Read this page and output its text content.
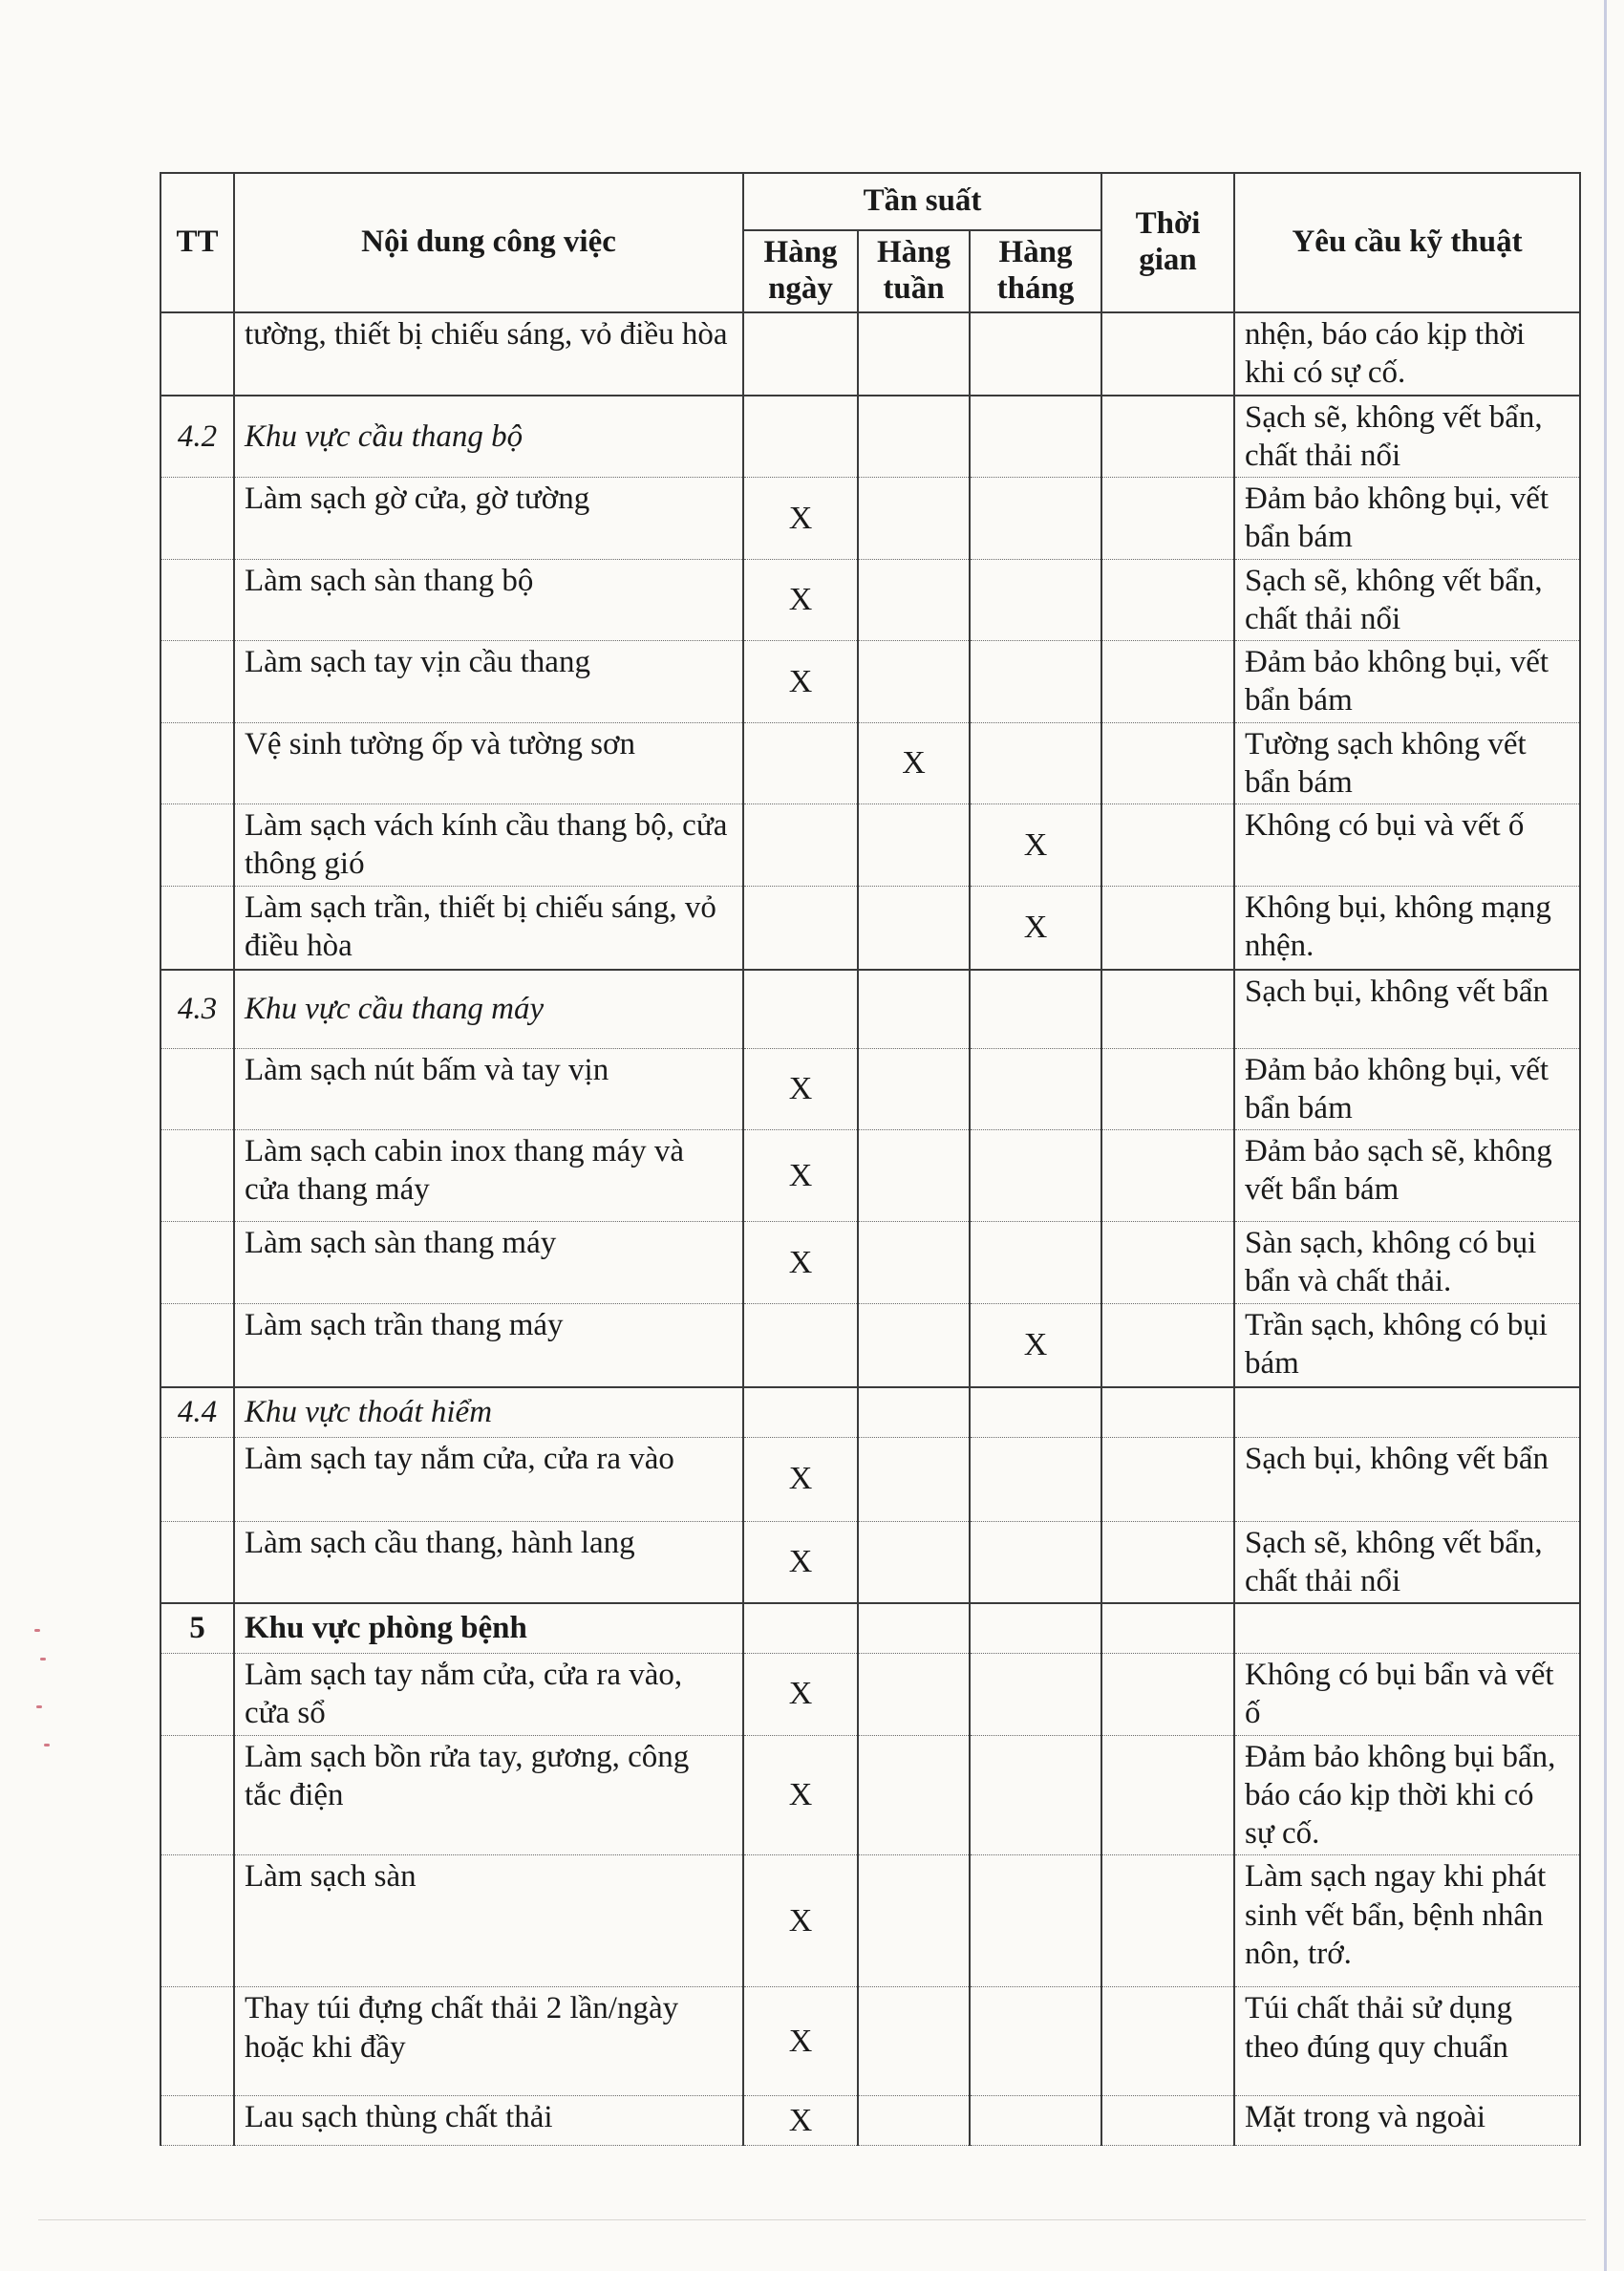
TT	Nội dung công việc	Tần suất			Thời gian	Yêu cầu kỹ thuật
		Hàng ngày	Hàng tuần	Hàng tháng		
	tường, thiết bị chiếu sáng, vỏ điều hòa					nhện, báo cáo kịp thời khi có sự cố.
4.2	Khu vực cầu thang bộ					Sạch sẽ, không vết bẩn, chất thải nổi
	Làm sạch gờ cửa, gờ tường	X				Đảm bảo không bụi, vết bẩn bám
	Làm sạch sàn thang bộ	X				Sạch sẽ, không vết bẩn, chất thải nổi
	Làm sạch tay vịn cầu thang	X				Đảm bảo không bụi, vết bẩn bám
	Vệ sinh tường ốp và tường sơn		X			Tường sạch không vết bẩn bám
	Làm sạch vách kính cầu thang bộ, cửa thông gió			X		Không có bụi và vết ố
	Làm sạch trần, thiết bị chiếu sáng, vỏ điều hòa			X		Không bụi, không mạng nhện.
4.3	Khu vực cầu thang máy					Sạch bụi, không vết bẩn
	Làm sạch nút bấm và tay vịn	X				Đảm bảo không bụi, vết bẩn bám
	Làm sạch cabin inox thang máy và cửa thang máy	X				Đảm bảo sạch sẽ, không vết bẩn bám
	Làm sạch sàn thang máy	X				Sàn sạch, không có bụi bẩn và chất thải.
	Làm sạch trần thang máy			X		Trần sạch, không có bụi bám
4.4	Khu vực thoát hiểm					
	Làm sạch tay nắm cửa, cửa ra vào	X				Sạch bụi, không vết bẩn
	Làm sạch cầu thang, hành lang	X				Sạch sẽ, không vết bẩn, chất thải nổi
5	Khu vực phòng bệnh					
	Làm sạch tay nắm cửa, cửa ra vào, cửa sổ	X				Không có bụi bẩn và vết ố
	Làm sạch bồn rửa tay, gương, công tắc điện	X				Đảm bảo không bụi bẩn, báo cáo kịp thời khi có sự cố.
	Làm sạch sàn	X				Làm sạch ngay khi phát sinh vết bẩn, bệnh nhân nôn, trớ.
	Thay túi đựng chất thải 2 lần/ngày hoặc khi đầy	X				Túi chất thải sử dụng theo đúng quy chuẩn
	Lau sạch thùng chất thải	X				Mặt trong và ngoài
